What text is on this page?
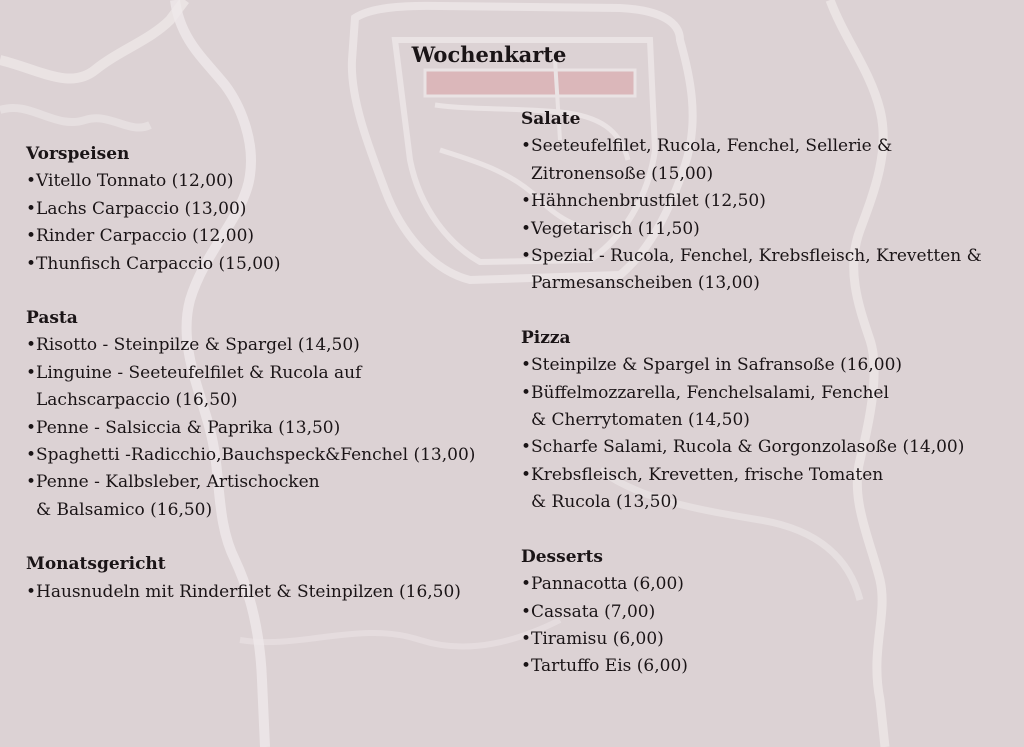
Wochenkarte
Vorspeisen

•Vitello Tonnato (12,00)

•Lachs Carpaccio (13,00)

•Rinder Carpaccio (12,00)

•Thunfisch Carpaccio (15,00)

Pasta

•Risotto - Steinpilze & Spargel (14,50)

•Linguine - Seeteufelfilet & Rucola auf
Lachscarpaccio (16,50)

•Penne - Salsiccia & Paprika (13,50)

•Spaghetti -Radicchio,Bauchspeck&Fenchel (13,00)

•Penne - Kalbsleber, Artischocken
& Balsamico (16,50)

Monatsgericht

•Hausnudeln mit Rinderfilet & Steinpilzen (16,50)

Salate

•Seeteufelfilet, Rucola, Fenchel, Sellerie &
Zitronensoße (15,00)

•Hähnchenbrustfilet (12,50)

•Vegetarisch (11,50)

•Spezial - Rucola, Fenchel, Krebsfleisch, Krevetten &
Parmesanscheiben (13,00)

Pizza

•Steinpilze & Spargel in Safransoße (16,00)

•Büffelmozzarella, Fenchelsalami, Fenchel
& Cherrytomaten (14,50)

•Scharfe Salami, Rucola & Gorgonzolasoße (14,00)

•Krebsfleisch, Krevetten, frische Tomaten
& Rucola (13,50)

Desserts

•Pannacotta (6,00)

•Cassata (7,00)

•Tiramisu (6,00)

•Tartuffo Eis (6,00)
